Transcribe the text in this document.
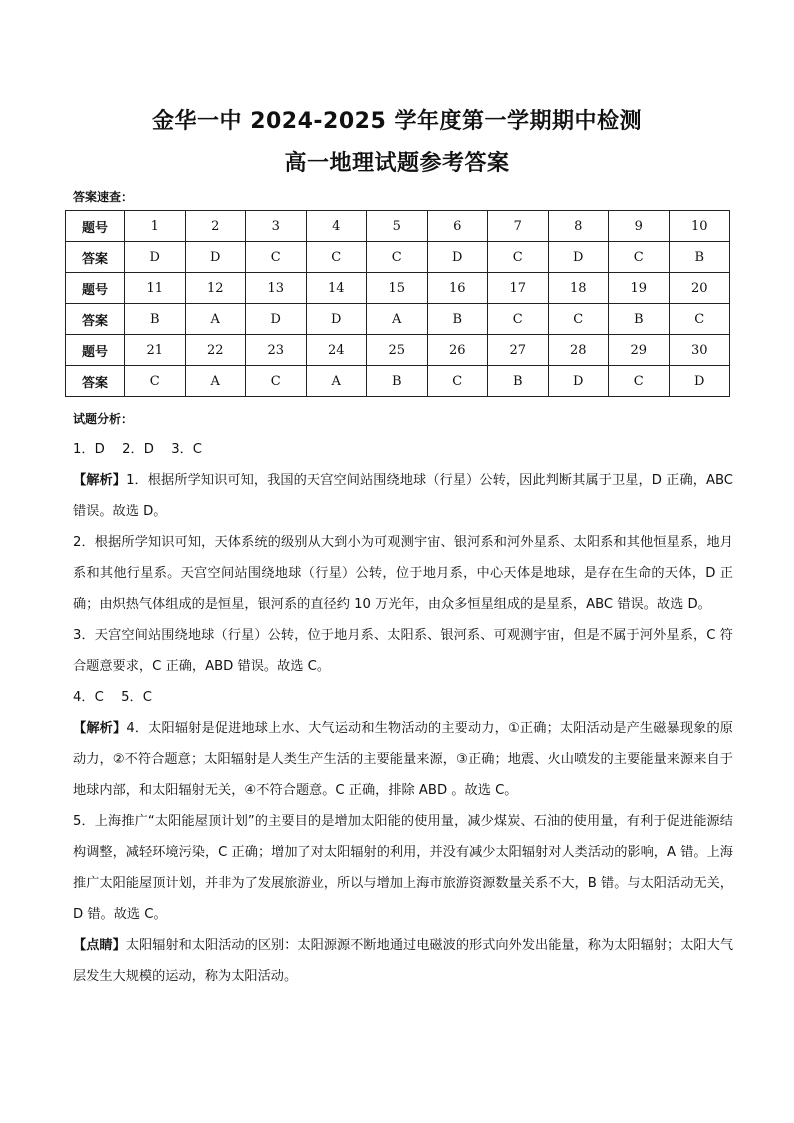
金华一中 2024-2025 学年度第一学期期中检测
高一地理试题参考答案
答案速查：
题号	1	2	3	4	5	6	7	8	9	10
答案	D	D	C	C	C	D	C	D	C	B
题号	11	12	13	14	15	16	17	18	19	20
答案	B	A	D	D	A	B	C	C	B	C
题号	21	22	23	24	25	26	27	28	29	30
答案	C	A	C	A	B	C	B	D	C	D
试题分析：

1．D　 2．D　 3．C

【解析】1．根据所学知识可知，我国的天宫空间站围绕地球（行星）公转，因此判断其属于卫星，D 正确，ABC 错误。故选 D。

2．根据所学知识可知，天体系统的级别从大到小为可观测宇宙、银河系和河外星系、太阳系和其他恒星系，地月系和其他行星系。天宫空间站围绕地球（行星）公转，位于地月系，中心天体是地球，是存在生命的天体，D 正确；由炽热气体组成的是恒星，银河系的直径约 10 万光年，由众多恒星组成的是星系，ABC 错误。故选 D。

3．天宫空间站围绕地球（行星）公转，位于地月系、太阳系、银河系、可观测宇宙，但是不属于河外星系，C 符合题意要求，C 正确，ABD 错误。故选 C。

4．C　 5．C

【解析】4．太阳辐射是促进地球上水、大气运动和生物活动的主要动力，①正确；太阳活动是产生磁暴现象的原动力，②不符合题意；太阳辐射是人类生产生活的主要能量来源，③正确；地震、火山喷发的主要能量来源来自于地球内部，和太阳辐射无关，④不符合题意。C 正确，排除 ABD 。故选 C。

5．上海推广“太阳能屋顶计划”的主要目的是增加太阳能的使用量，减少煤炭、石油的使用量，有利于促进能源结构调整，减轻环境污染，C 正确；增加了对太阳辐射的利用，并没有减少太阳辐射对人类活动的影响，A 错。上海推广太阳能屋顶计划，并非为了发展旅游业，所以与增加上海市旅游资源数量关系不大，B 错。与太阳活动无关，D 错。故选 C。

【点睛】太阳辐射和太阳活动的区别：太阳源源不断地通过电磁波的形式向外发出能量，称为太阳辐射；太阳大气层发生大规模的运动，称为太阳活动。
